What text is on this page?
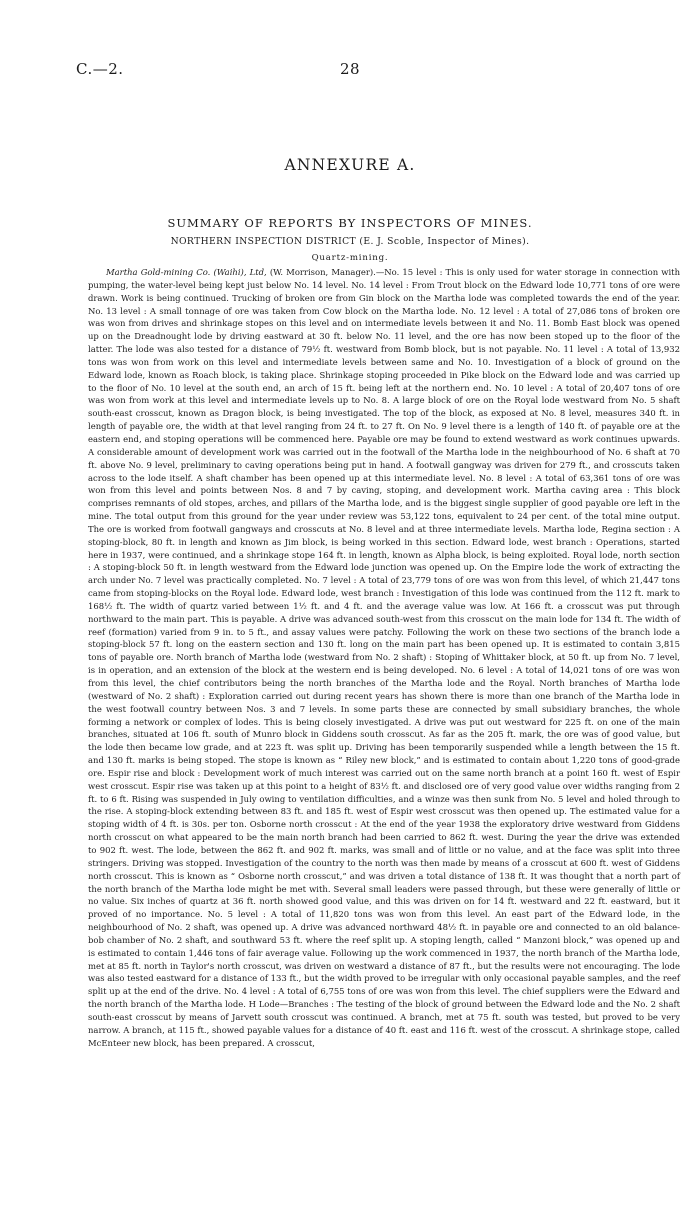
C.—2.	28
ANNEXURE A.
SUMMARY OF REPORTS BY INSPECTORS OF MINES.
NORTHERN INSPECTION DISTRICT (E. J. Scoble, Inspector of Mines).
Quartz-mining.

Martha Gold-mining Co. (Waihi), Ltd, (W. Morrison, Manager).—No. 15 level : This is only used for water storage in connection with pumping, the water-level being kept just below No. 14 level. No. 14 level : From Trout block on the Edward lode 10,771 tons of ore were drawn. Work is being continued. Trucking of broken ore from Gin block on the Martha lode was completed towards the end of the year. No. 13 level : A small tonnage of ore was taken from Cow block on the Martha lode. No. 12 level : A total of 27,086 tons of broken ore was won from drives and shrinkage stopes on this level and on intermediate levels between it and No. 11. Bomb East block was opened up on the Dreadnought lode by driving eastward at 30 ft. below No. 11 level, and the ore has now been stoped up to the floor of the latter. The lode was also tested for a distance of 79½ ft. westward from Bomb block, but is not payable. No. 11 level : A total of 13,932 tons was won from work on this level and intermediate levels between same and No. 10. Investigation of a block of ground on the Edward lode, known as Roach block, is taking place. Shrinkage stoping proceeded in Pike block on the Edward lode and was carried up to the floor of No. 10 level at the south end, an arch of 15 ft. being left at the northern end. No. 10 level : A total of 20,407 tons of ore was won from work at this level and intermediate levels up to No. 8. A large block of ore on the Royal lode westward from No. 5 shaft south-east crosscut, known as Dragon block, is being investigated. The top of the block, as exposed at No. 8 level, measures 340 ft. in length of payable ore, the width at that level ranging from 24 ft. to 27 ft. On No. 9 level there is a length of 140 ft. of payable ore at the eastern end, and stoping operations will be commenced here. Payable ore may be found to extend westward as work continues upwards. A considerable amount of development work was carried out in the footwall of the Martha lode in the neighbourhood of No. 6 shaft at 70 ft. above No. 9 level, preliminary to caving operations being put in hand. A footwall gangway was driven for 279 ft., and crosscuts taken across to the lode itself. A shaft chamber has been opened up at this intermediate level. No. 8 level : A total of 63,361 tons of ore was won from this level and points between Nos. 8 and 7 by caving, stoping, and development work. Martha caving area : This block comprises remnants of old stopes, arches, and pillars of the Martha lode, and is the biggest single supplier of good payable ore left in the mine. The total output from this ground for the year under review was 53,122 tons, equivalent to 24 per cent. of the total mine output. The ore is worked from footwall gangways and crosscuts at No. 8 level and at three intermediate levels. Martha lode, Regina section : A stoping-block, 80 ft. in length and known as Jim block, is being worked in this section. Edward lode, west branch : Operations, started here in 1937, were continued, and a shrinkage stope 164 ft. in length, known as Alpha block, is being exploited. Royal lode, north section : A stoping-block 50 ft. in length westward from the Edward lode junction was opened up. On the Empire lode the work of extracting the arch under No. 7 level was practically completed. No. 7 level : A total of 23,779 tons of ore was won from this level, of which 21,447 tons came from stoping-blocks on the Royal lode. Edward lode, west branch : Investigation of this lode was continued from the 112 ft. mark to 168½ ft. The width of quartz varied between 1½ ft. and 4 ft. and the average value was low. At 166 ft. a crosscut was put through northward to the main part. This is payable. A drive was advanced south-west from this crosscut on the main lode for 134 ft. The width of reef (formation) varied from 9 in. to 5 ft., and assay values were patchy. Following the work on these two sections of the branch lode a stoping-block 57 ft. long on the eastern section and 130 ft. long on the main part has been opened up. It is estimated to contain 3,815 tons of payable ore. North branch of Martha lode (westward from No. 2 shaft) : Stoping of Whittaker block, at 50 ft. up from No. 7 level, is in operation, and an extension of the block at the western end is being developed. No. 6 level : A total of 14,021 tons of ore was won from this level, the chief contributors being the north branches of the Martha lode and the Royal. North branches of Martha lode (westward of No. 2 shaft) : Exploration carried out during recent years has shown there is more than one branch of the Martha lode in the west footwall country between Nos. 3 and 7 levels. In some parts these are connected by small subsidiary branches, the whole forming a network or complex of lodes. This is being closely investigated. A drive was put out westward for 225 ft. on one of the main branches, situated at 106 ft. south of Munro block in Giddens south crosscut. As far as the 205 ft. mark, the ore was of good value, but the lode then became low grade, and at 223 ft. was split up. Driving has been temporarily suspended while a length between the 15 ft. and 130 ft. marks is being stoped. The stope is known as “ Riley new block,” and is estimated to contain about 1,220 tons of good-grade ore. Espir rise and block : Development work of much interest was carried out on the same north branch at a point 160 ft. west of Espir west crosscut. Espir rise was taken up at this point to a height of 83½ ft. and disclosed ore of very good value over widths ranging from 2 ft. to 6 ft. Rising was suspended in July owing to ventilation difficulties, and a winze was then sunk from No. 5 level and holed through to the rise. A stoping-block extending between 83 ft. and 185 ft. west of Espir west crosscut was then opened up. The estimated value for a stoping width of 4 ft. is 30s. per ton. Osborne north crosscut : At the end of the year 1938 the exploratory drive westward from Giddens north crosscut on what appeared to be the main north branch had been carried to 862 ft. west. During the year the drive was extended to 902 ft. west. The lode, between the 862 ft. and 902 ft. marks, was small and of little or no value, and at the face was split into three stringers. Driving was stopped. Investigation of the country to the north was then made by means of a crosscut at 600 ft. west of Giddens north crosscut. This is known as “ Osborne north crosscut,” and was driven a total distance of 138 ft. It was thought that a north part of the north branch of the Martha lode might be met with. Several small leaders were passed through, but these were generally of little or no value. Six inches of quartz at 36 ft. north showed good value, and this was driven on for 14 ft. westward and 22 ft. eastward, but it proved of no importance. No. 5 level : A total of 11,820 tons was won from this level. An east part of the Edward lode, in the neighbourhood of No. 2 shaft, was opened up. A drive was advanced northward 48½ ft. in payable ore and connected to an old balance-bob chamber of No. 2 shaft, and southward 53 ft. where the reef split up. A stoping length, called “ Manzoni block,” was opened up and is estimated to contain 1,446 tons of fair average value. Following up the work commenced in 1937, the north branch of the Martha lode, met at 85 ft. north in Taylor's north crosscut, was driven on westward a distance of 87 ft., but the results were not encouraging. The lode was also tested eastward for a distance of 133 ft., but the width proved to be irregular with only occasional payable samples, and the reef split up at the end of the drive. No. 4 level : A total of 6,755 tons of ore was won from this level. The chief suppliers were the Edward and the north branch of the Martha lode. H Lode—Branches : The testing of the block of ground between the Edward lode and the No. 2 shaft south-east crosscut by means of Jarvett south crosscut was continued. A branch, met at 75 ft. south was tested, but proved to be very narrow. A branch, at 115 ft., showed payable values for a distance of 40 ft. east and 116 ft. west of the crosscut. A shrinkage stope, called McEnteer new block, has been prepared. A crosscut,
